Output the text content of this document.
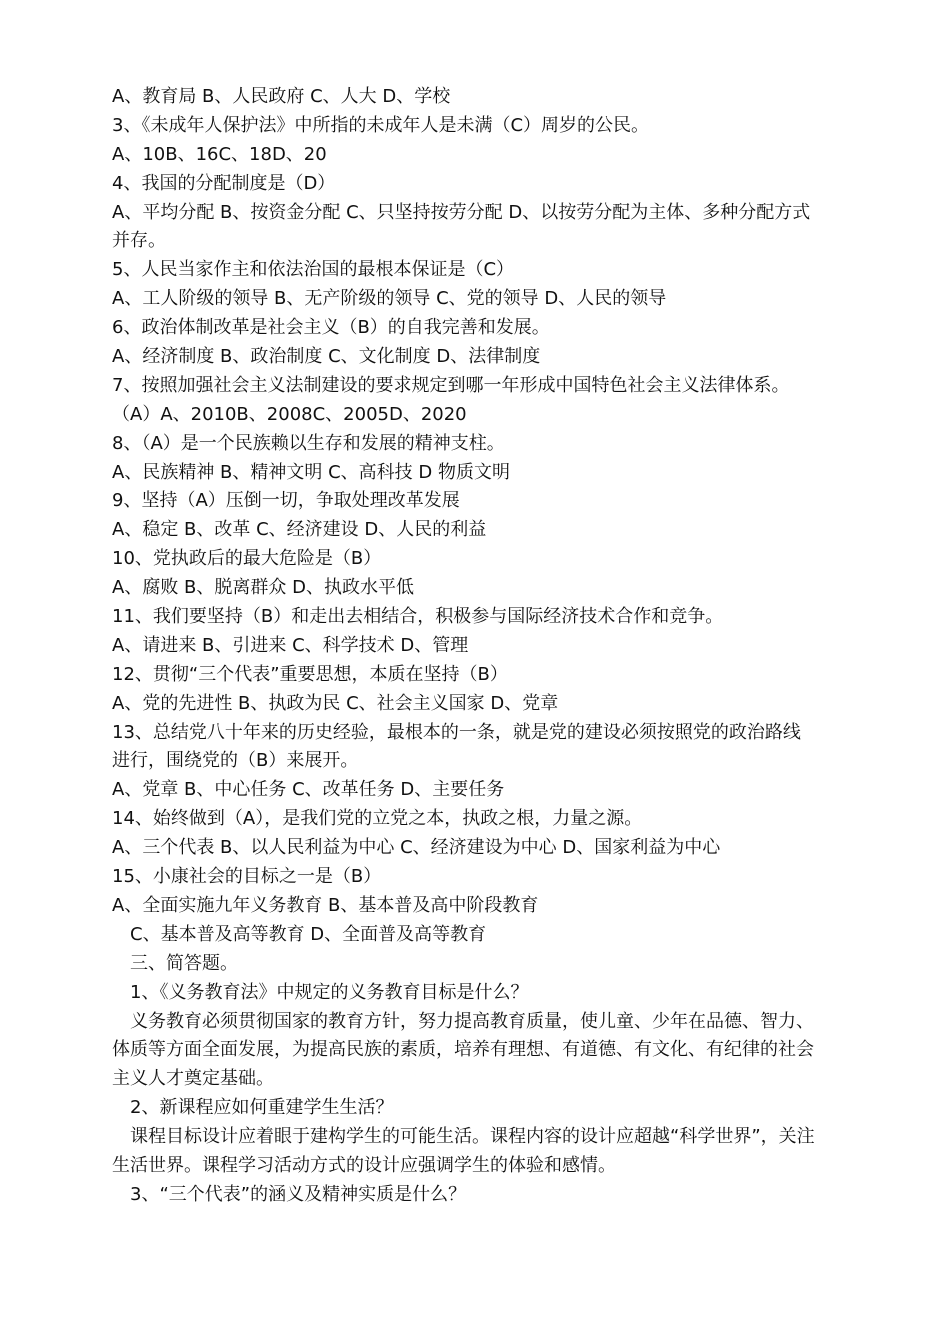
A、教育局 B、人民政府 C、人大 D、学校
3、《未成年人保护法》中所指的未成年人是未满（C）周岁的公民。
A、10B、16C、18D、20
4、我国的分配制度是（D）
A、平均分配 B、按资金分配 C、只坚持按劳分配 D、以按劳分配为主体、多种分配方式
并存。
5、人民当家作主和依法治国的最根本保证是（C）
A、工人阶级的领导 B、无产阶级的领导 C、党的领导 D、人民的领导
6、政治体制改革是社会主义（B）的自我完善和发展。
A、经济制度 B、政治制度 C、文化制度 D、法律制度
7、按照加强社会主义法制建设的要求规定到哪一年形成中国特色社会主义法律体系。
（A）A、2010B、2008C、2005D、2020
8、（A）是一个民族赖以生存和发展的精神支柱。
A、民族精神 B、精神文明 C、高科技 D 物质文明
9、坚持（A）压倒一切，争取处理改革发展
A、稳定 B、改革 C、经济建设 D、人民的利益
10、党执政后的最大危险是（B）
A、腐败 B、脱离群众 D、执政水平低
11、我们要坚持（B）和走出去相结合，积极参与国际经济技术合作和竞争。
A、请进来 B、引进来 C、科学技术 D、管理
12、贯彻“三个代表”重要思想，本质在坚持（B）
A、党的先进性 B、执政为民 C、社会主义国家 D、党章
13、总结党八十年来的历史经验，最根本的一条，就是党的建设必须按照党的政治路线
进行，围绕党的（B）来展开。
A、党章 B、中心任务 C、改革任务 D、主要任务
14、始终做到（A），是我们党的立党之本，执政之根，力量之源。
A、三个代表 B、以人民利益为中心 C、经济建设为中心 D、国家利益为中心
15、小康社会的目标之一是（B）
A、全面实施九年义务教育 B、基本普及高中阶段教育
C、基本普及高等教育 D、全面普及高等教育
三、简答题。
1、《义务教育法》中规定的义务教育目标是什么？
义务教育必须贯彻国家的教育方针，努力提高教育质量，使儿童、少年在品德、智力、
体质等方面全面发展，为提高民族的素质，培养有理想、有道德、有文化、有纪律的社会
主义人才奠定基础。
2、新课程应如何重建学生生活？
课程目标设计应着眼于建构学生的可能生活。课程内容的设计应超越“科学世界”，关注
生活世界。课程学习活动方式的设计应强调学生的体验和感情。
3、“三个代表”的涵义及精神实质是什么？
